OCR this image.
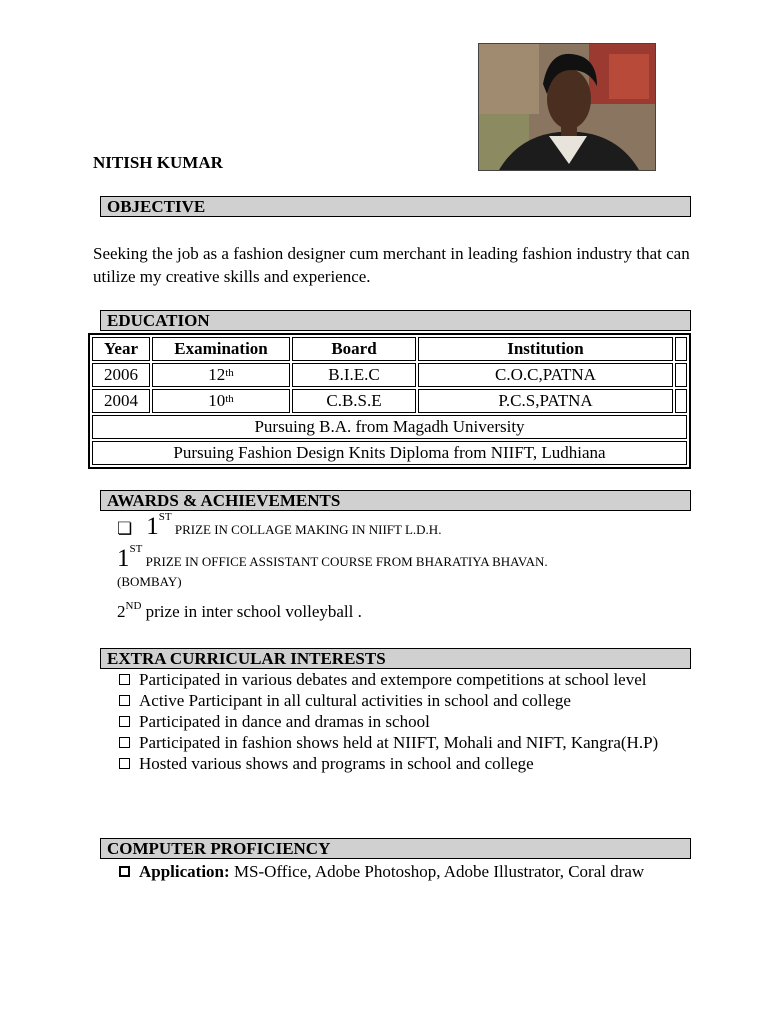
NITISH KUMAR
OBJECTIVE
Seeking the job as a fashion designer cum merchant in leading fashion industry that can utilize my creative skills and experience.
EDUCATION
Year	Examination	Board	Institution	
2006	12th	B.I.E.C	C.O.C,PATNA	
2004	10th	C.B.S.E	P.C.S,PATNA	
Pursuing B.A. from Magadh University				
Pursuing Fashion Design Knits Diploma from NIIFT, Ludhiana				
AWARDS & ACHIEVEMENTS
❏ 1ST PRIZE IN COLLAGE MAKING IN NIIFT L.D.H.
1ST PRIZE IN OFFICE ASSISTANT COURSE FROM BHARATIYA BHAVAN.
(BOMBAY)
2ND prize in inter school volleyball .
EXTRA CURRICULAR INTERESTS
Participated in various debates and extempore competitions at school level
Active Participant in all cultural activities in school and college
Participated in dance and dramas in school
Participated in fashion shows held at NIIFT, Mohali and NIFT, Kangra(H.P)
Hosted various shows and programs in school and college
COMPUTER PROFICIENCY
Application: MS-Office, Adobe Photoshop, Adobe Illustrator, Coral draw
